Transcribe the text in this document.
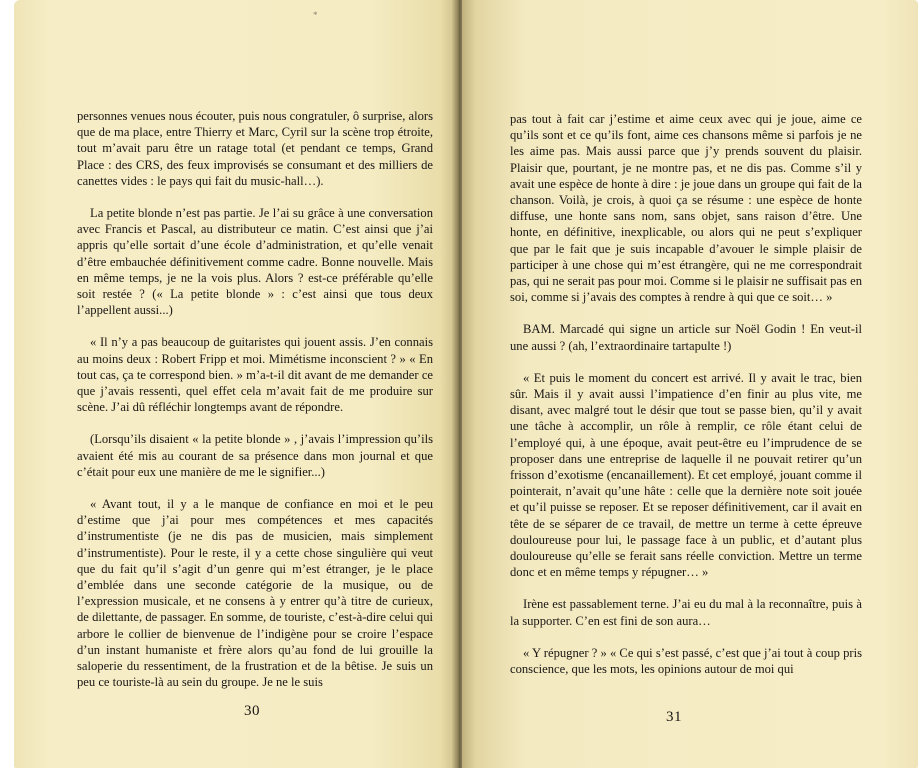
*

personnes venues nous écouter, puis nous congratuler, ô surprise, alors que de ma place, entre Thierry et Marc, Cyril sur la scène trop étroite, tout m’avait paru être un ratage total (et pendant ce temps, Grand Place : des CRS, des feux improvisés se consumant et des milliers de canettes vides : le pays qui fait du music-hall…).

La petite blonde n’est pas partie. Je l’ai su grâce à une conversation avec Francis et Pascal, au distributeur ce matin. C’est ainsi que j’ai appris qu’elle sortait d’une école d’administration, et qu’elle venait d’être embauchée définitivement comme cadre. Bonne nouvelle. Mais en même temps, je ne la vois plus. Alors ? est-ce préférable qu’elle soit restée ? (« La petite blonde » : c’est ainsi que tous deux l’appellent aussi...)

« Il n’y a pas beaucoup de guitaristes qui jouent assis. J’en connais au moins deux : Robert Fripp et moi. Mimétisme inconscient ? » « En tout cas, ça te correspond bien. » m’a-t-il dit avant de me demander ce que j’avais ressenti, quel effet cela m’avait fait de me produire sur scène. J’ai dû réfléchir longtemps avant de répondre.

(Lorsqu’ils disaient « la petite blonde » , j’avais l’impression qu’ils avaient été mis au courant de sa présence dans mon journal et que c’était pour eux une manière de me le signifier...)

« Avant tout, il y a le manque de confiance en moi et le peu d’estime que j’ai pour mes compétences et mes capacités d’instrumentiste (je ne dis pas de musicien, mais simplement d’instrumentiste). Pour le reste, il y a cette chose singulière qui veut que du fait qu’il s’agit d’un genre qui m’est étranger, je le place d’emblée dans une seconde catégorie de la musique, ou de l’expression musicale, et ne consens à y entrer qu’à titre de curieux, de dilettante, de passager. En somme, de touriste, c’est-à-dire celui qui arbore le collier de bienvenue de l’indigène pour se croire l’espace d’un instant humaniste et frère alors qu’au fond de lui grouille la saloperie du ressentiment, de la frustration et de la bêtise. Je suis un peu ce touriste-là au sein du groupe. Je ne le suis

30

pas tout à fait car j’estime et aime ceux avec qui je joue, aime ce qu’ils sont et ce qu’ils font, aime ces chansons même si parfois je ne les aime pas. Mais aussi parce que j’y prends souvent du plaisir. Plaisir que, pourtant, je ne montre pas, et ne dis pas. Comme s’il y avait une espèce de honte à dire : je joue dans un groupe qui fait de la chanson. Voilà, je crois, à quoi ça se résume : une espèce de honte diffuse, une honte sans nom, sans objet, sans raison d’être. Une honte, en définitive, inexplicable, ou alors qui ne peut s’expliquer que par le fait que je suis incapable d’avouer le simple plaisir de participer à une chose qui m’est étrangère, qui ne me correspondrait pas, qui ne serait pas pour moi. Comme si le plaisir ne suffisait pas en soi, comme si j’avais des comptes à rendre à qui que ce soit… »

BAM. Marcadé qui signe un article sur Noël Godin ! En veut-il une aussi ? (ah, l’extraordinaire tartapulte !)

« Et puis le moment du concert est arrivé. Il y avait le trac, bien sûr. Mais il y avait aussi l’impatience d’en finir au plus vite, me disant, avec malgré tout le désir que tout se passe bien, qu’il y avait une tâche à accomplir, un rôle à remplir, ce rôle étant celui de l’employé qui, à une époque, avait peut-être eu l’imprudence de se proposer dans une entreprise de laquelle il ne pouvait retirer qu’un frisson d’exotisme (encanaillement). Et cet employé, jouant comme il pointerait, n’avait qu’une hâte : celle que la dernière note soit jouée et qu’il puisse se reposer. Et se reposer définitivement, car il avait en tête de se séparer de ce travail, de mettre un terme à cette épreuve douloureuse pour lui, le passage face à un public, et d’autant plus douloureuse qu’elle se ferait sans réelle conviction. Mettre un terme donc et en même temps y répugner… »

Irène est passablement terne. J’ai eu du mal à la reconnaître, puis à la supporter. C’en est fini de son aura…

« Y répugner ? » « Ce qui s’est passé, c’est que j’ai tout à coup pris conscience, que les mots, les opinions autour de moi qui

31
